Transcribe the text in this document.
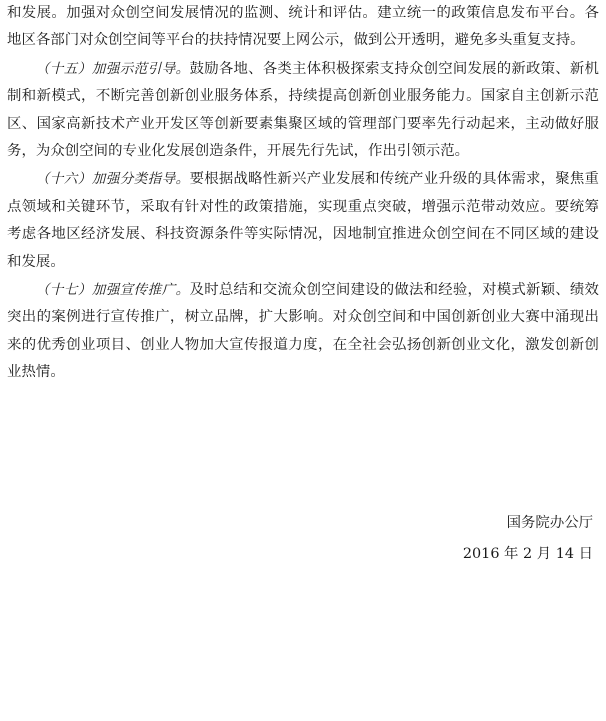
和发展。加强对众创空间发展情况的监测、统计和评估。建立统一的政策信息发布平台。各地区各部门对众创空间等平台的扶持情况要上网公示，做到公开透明，避免多头重复支持。

（十五）加强示范引导。鼓励各地、各类主体积极探索支持众创空间发展的新政策、新机制和新模式，不断完善创新创业服务体系，持续提高创新创业服务能力。国家自主创新示范区、国家高新技术产业开发区等创新要素集聚区域的管理部门要率先行动起来，主动做好服务，为众创空间的专业化发展创造条件，开展先行先试，作出引领示范。

（十六）加强分类指导。要根据战略性新兴产业发展和传统产业升级的具体需求，聚焦重点领域和关键环节，采取有针对性的政策措施，实现重点突破，增强示范带动效应。要统筹考虑各地区经济发展、科技资源条件等实际情况，因地制宜推进众创空间在不同区域的建设和发展。

（十七）加强宣传推广。及时总结和交流众创空间建设的做法和经验，对模式新颖、绩效突出的案例进行宣传推广，树立品牌，扩大影响。对众创空间和中国创新创业大赛中涌现出来的优秀创业项目、创业人物加大宣传报道力度，在全社会弘扬创新创业文化，激发创新创业热情。

国务院办公厅

2016 年 2 月 14 日
